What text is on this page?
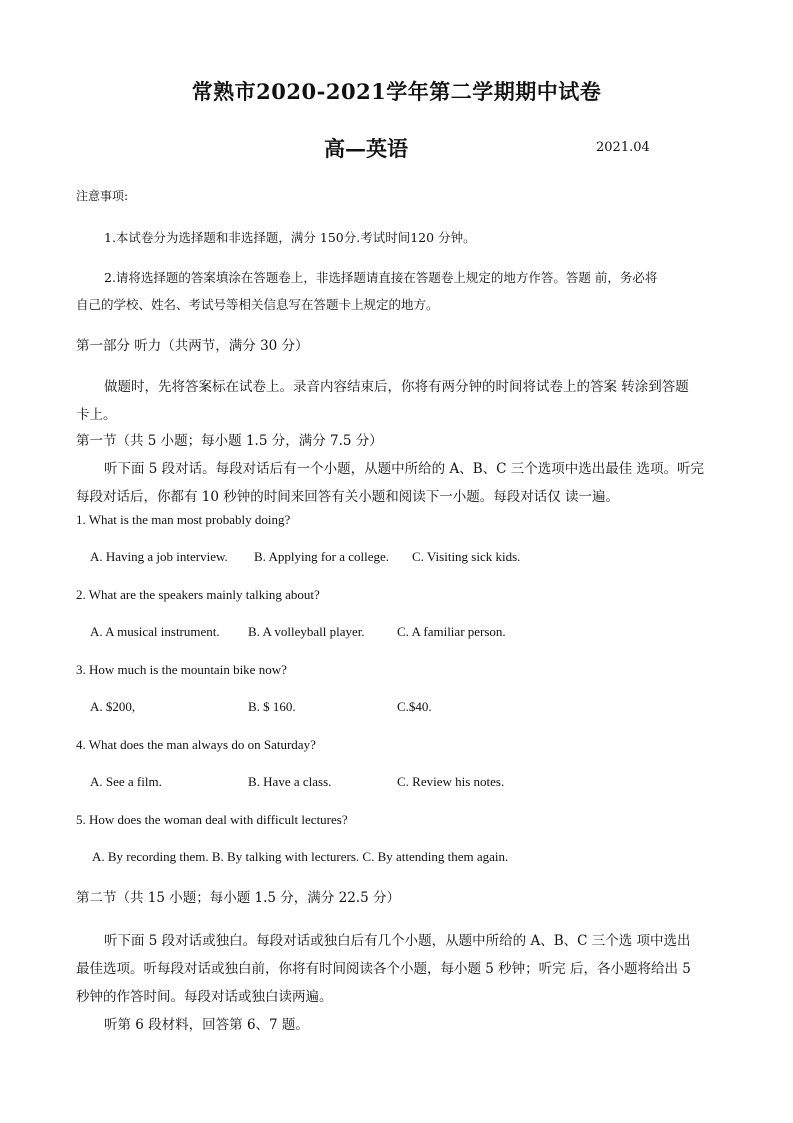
常熟市2020-2021学年第二学期期中试卷
高—英语	2021.04
注意事项:
1.本试卷分为选择题和非选择题，满分 150分.考试时间120 分钟。
2.请将选择题的答案填涂在答题卷上，非选择题请直接在答题卷上规定的地方作答。答题 前，务必将
自己的学校、姓名、考试号等相关信息写在答题卡上规定的地方。
第一部分 听力（共两节，满分 30 分）
做题时，先将答案标在试卷上。录音内容结束后，你将有两分钟的时间将试卷上的答案 转涂到答题
卡上。
第一节（共 5 小题；每小题 1.5 分，满分 7.5 分）
听下面 5 段对话。每段对话后有一个小题，从题中所给的 A、B、C 三个选项中选出最佳 选项。听完
每段对话后，你都有 10 秒钟的时间来回答有关小题和阅读下一小题。每段对话仅 读一遍。
1. What is the man most probably doing?
A. Having a job interview. B. Applying for a college. C. Visiting sick kids.
2. What are the speakers mainly talking about?
A. A musical instrument. B. A volleyball player. C. A familiar person.
3. How much is the mountain bike now?
A. $200,	B. $ 160.	C.$40.
4. What does the man always do on Saturday?
A. See a film.	B. Have a class.	C. Review his notes.
5. How does the woman deal with difficult lectures?
A. By recording them. B. By talking with lecturers. C. By attending them again.
第二节（共 15 小题；每小题 1.5 分，满分 22.5 分）
听下面 5 段对话或独白。每段对话或独白后有几个小题，从题中所给的 A、B、C 三个选 项中选出
最佳选项。听每段对话或独白前，你将有时间阅读各个小题，每小题 5 秒钟；听完 后，各小题将给出 5
秒钟的作答时间。每段对话或独白读两遍。
听第 6 段材料，回答第 6、7 题。
